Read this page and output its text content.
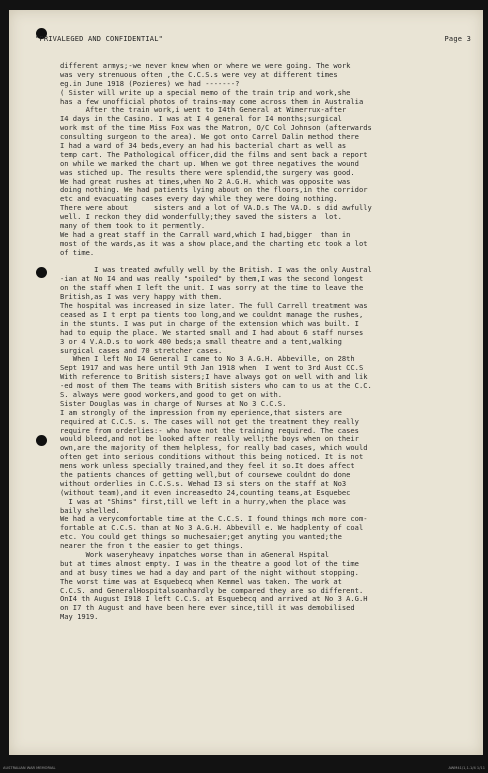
"PRIVALEGED AND CONFIDENTIAL"	Page 3
different armys;-we never knew when or where we were going. The work
was very strenuous often ,the C.C.S.s were vey at different times
eg.in June 1918 (Pozieres) we had -------?
( Sister will write up a special memo of the train trip and work,she
has a few unofficial photos of trains-may come across them in Australia
After the train work,i went to I4th General at Wimerrux-after
I4 days in the Casino. I was at I 4 general for I4 months;surgical
work mst of the time Miss Fox was the Matron, O/C Col Johnson (afterwards
consulting surgeon to the area). We got onto Carrel Dalin method there
I had a ward of 34 beds,every an had his bacterial chart as well as
temp cart. The Pathological officer,did the films and sent back a report
on while we marked the chart up. When we got three negatives the wound
was stiched up. The results there were splendid,the surgery was good.
We had great rushes at times,when No 2 A.G.H. which was opposite was
doing nothing. We had patients lying about on the floors,in the corridor
etc and evacuating cases every day while they were doing nothing.
There were about      sisters and a lot of VA.D.s The VA.D. s did awfully
well. I reckon they did wonderfully;they saved the sisters a  lot.
many of them took to it permently.
We had a great staff in the Carrall ward,which I had,bigger  than in
most of the wards,as it was a show place,and the charting etc took a lot
of time.
I was treated awfully well by the British. I was the only Austral
-ian at No I4 and was really "spoiled" by them,I was the second longest
on the staff when I left the unit. I was sorry at the time to leave the
British,as I was very happy with them.
The hospital was increased in size later. The full Carrell treatment was
ceased as I t erpt pa tients too long,and we couldnt manage the rushes,
in the stunts. I was put in charge of the extension which was built. I
had to equip the place. We started small and I had about 6 staff nurses
3 or 4 V.A.D.s to work 400 beds;a small theatre and a tent,walking
surgical cases and 70 stretcher cases.
When I left No I4 General I came to No 3 A.G.H. Abbeville, on 28th
Sept 1917 and was here until 9th Jan 1918 when  I went to 3rd Aust CC.S
With reference to British sisters;I have always got on well with and lik
-ed most of them The teams with British sisters who cam to us at the C.C.
S. always were good workers,and good to get on with.
Sister Douglas was in charge of Nurses at No 3 C.C.S.
I am strongly of the impression from my eperience,that sisters are
required at C.C.S. s. The cases will not get the treatment they really
require from orderlies:- who have not the training required. The cases
would bleed,and not be looked after really well;the boys when on their
own,are the majority of them helpless, for really bad cases, which would
often get into serious conditions without this being noticed. It is not
mens work unless specially trained,and they feel it so.It does affect
the patients chances of getting well,but of coursewe couldnt do done
without orderlies in C.C.S.s. Wehad I3 si sters on the staff at No3
(without team),and it even increasedto 24,counting teams,at Esquebec
I was at "Shims" first,till we left in a hurry,when the place was
baily shelled.
We had a verycomfortable time at the C.C.S. I found things mch more com-
fortable at C.C.S. than at No 3 A.G.H. Abbevill e. We hadplenty of coal
etc. You could get things so muchesaier;get anyting you wanted;the
nearer the fron t the easier to get things.
Work waseryheavy inpatches worse than in aGeneral Hspital
but at times almost empty. I was in the theatre a good lot of the time
and at busy times we had a day and part of the night without stopping.
The worst time was at Esquebecq when Kemmel was taken. The work at
C.C.S. and GeneralHospitalsoanhardly be compared they are so different.
OnI4 th August I918 I left C.C.S. at Esquebecq and arrived at No 3 A.G.H
on I7 th August and have been here ever since,till it was demobilised
May 1919.
AUSTRALIAN WAR MEMORIAL	AWM41/1,1.1/4 1/11
